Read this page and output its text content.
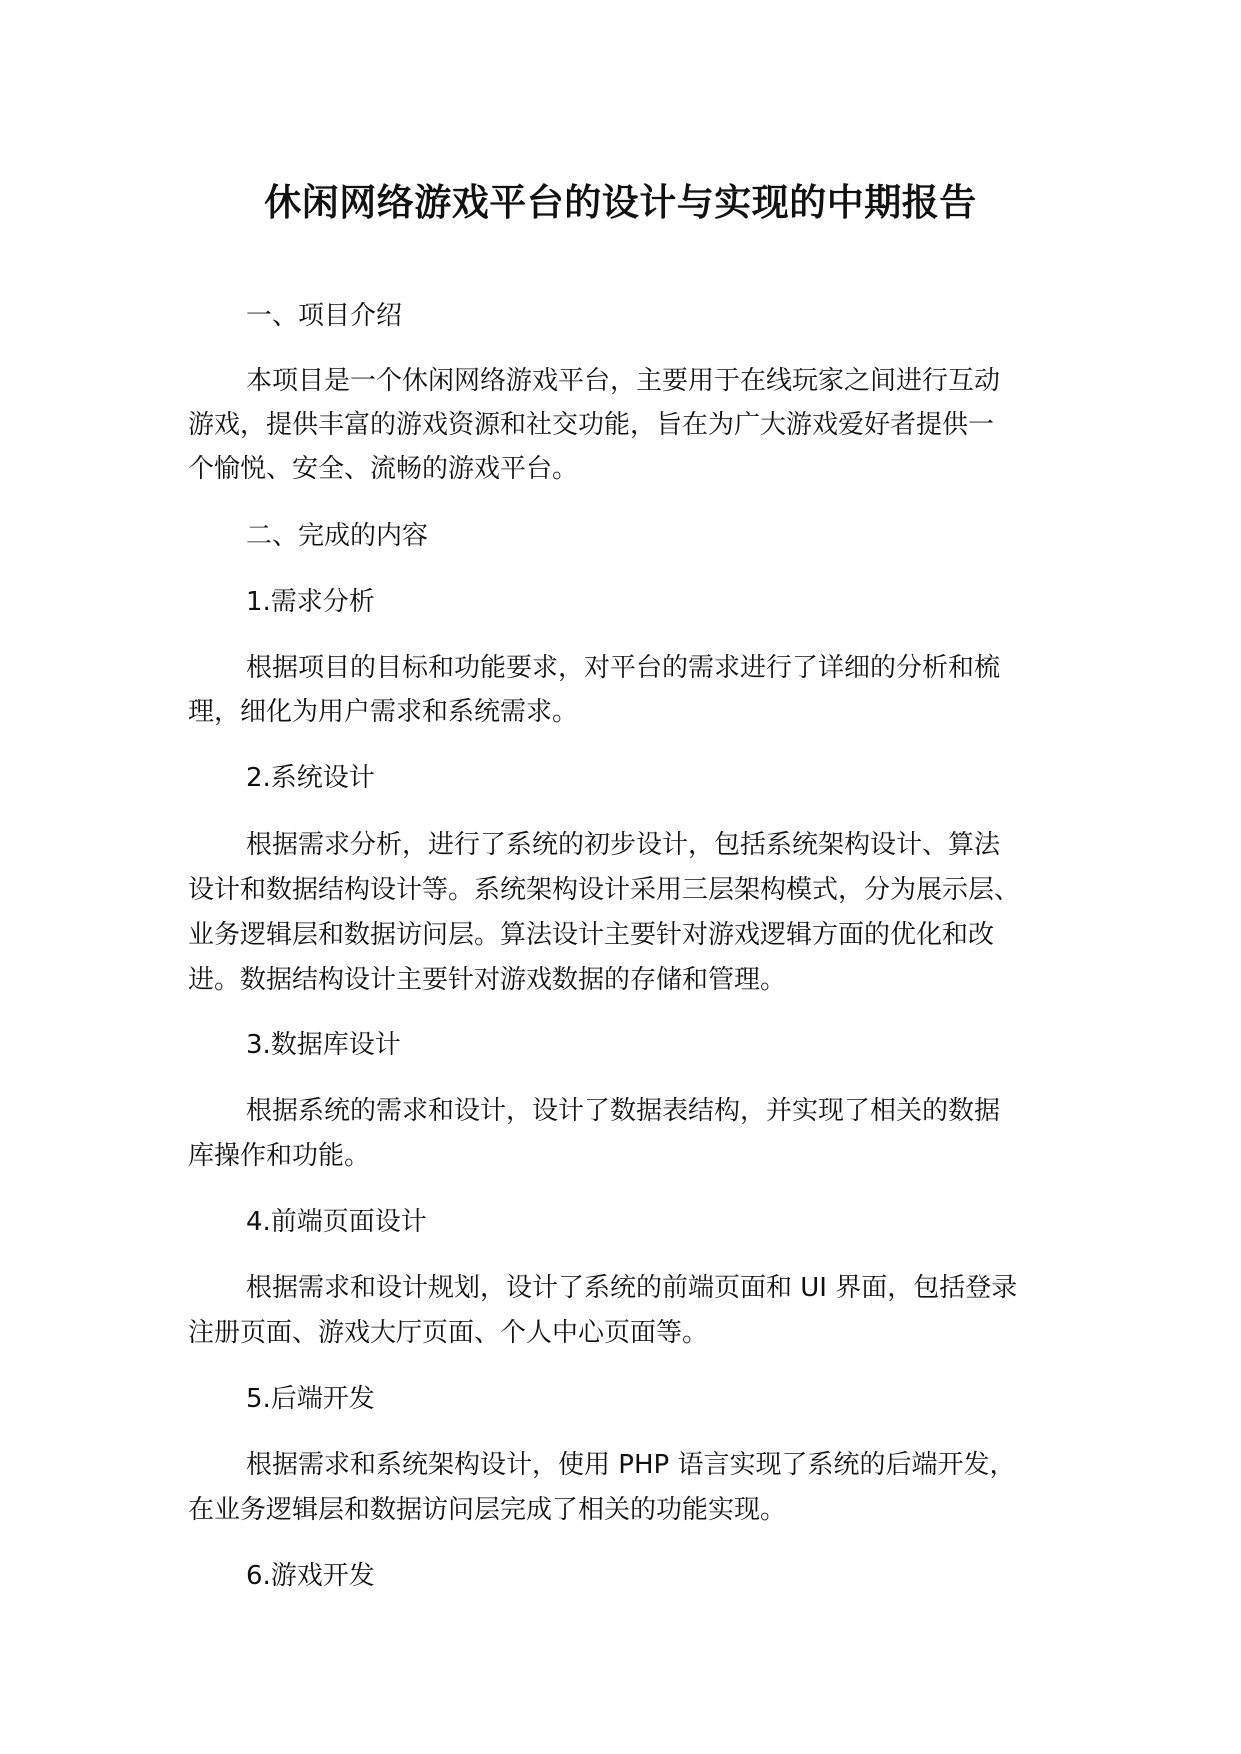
休闲网络游戏平台的设计与实现的中期报告
一、项目介绍
本项目是一个休闲网络游戏平台，主要用于在线玩家之间进行互动
游戏，提供丰富的游戏资源和社交功能，旨在为广大游戏爱好者提供一
个愉悦、安全、流畅的游戏平台。
二、完成的内容
1.需求分析
根据项目的目标和功能要求，对平台的需求进行了详细的分析和梳
理，细化为用户需求和系统需求。
2.系统设计
根据需求分析，进行了系统的初步设计，包括系统架构设计、算法
设计和数据结构设计等。系统架构设计采用三层架构模式，分为展示层、
业务逻辑层和数据访问层。算法设计主要针对游戏逻辑方面的优化和改
进。数据结构设计主要针对游戏数据的存储和管理。
3.数据库设计
根据系统的需求和设计，设计了数据表结构，并实现了相关的数据
库操作和功能。
4.前端页面设计
根据需求和设计规划，设计了系统的前端页面和 UI 界面，包括登录
注册页面、游戏大厅页面、个人中心页面等。
5.后端开发
根据需求和系统架构设计，使用 PHP 语言实现了系统的后端开发，
在业务逻辑层和数据访问层完成了相关的功能实现。
6.游戏开发
